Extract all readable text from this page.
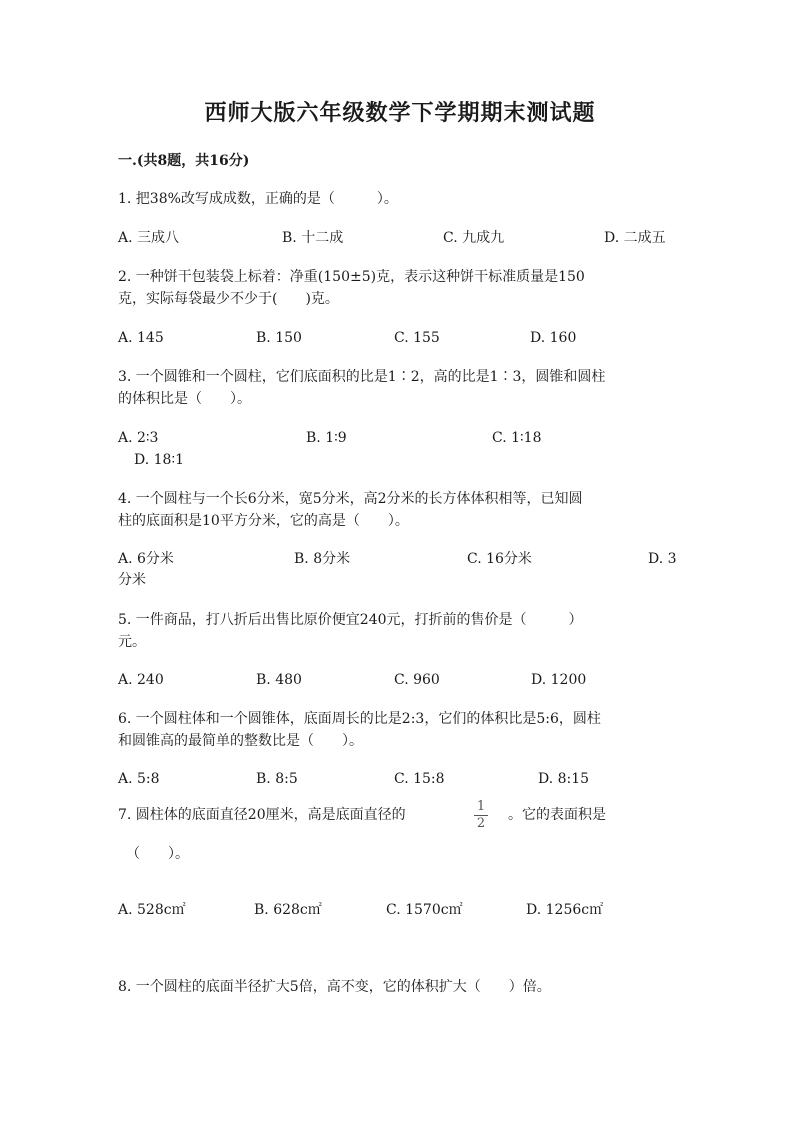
西师大版六年级数学下学期期末测试题
一.(共8题，共16分)
1. 把38%改写成成数，正确的是（　　　）。
A. 三成八	B. 十二成	C. 九成九	D. 二成五
2. 一种饼干包装袋上标着：净重(150±5)克，表示这种饼干标准质量是150
克，实际每袋最少不少于(　　)克。
A. 145	B. 150	C. 155	D. 160
3. 一个圆锥和一个圆柱，它们底面积的比是1∶2，高的比是1∶3，圆锥和圆柱
的体积比是（　　）。
A. 2∶3	B. 1∶9	C. 1∶18
D. 18∶1
4. 一个圆柱与一个长6分米，宽5分米，高2分米的长方体体积相等，已知圆
柱的底面积是10平方分米，它的高是（　　）。
A. 6分米	B. 8分米	C. 16分米	D. 3
分米
5. 一件商品，打八折后出售比原价便宜240元，打折前的售价是（　　　）
元。
A. 240	B. 480	C. 960	D. 1200
6. 一个圆柱体和一个圆锥体，底面周长的比是2:3，它们的体积比是5:6，圆柱
和圆锥高的最简单的整数比是（　　）。
A. 5:8	B. 8:5	C. 15:8	D. 8:15
7. 圆柱体的底面直径20厘米，高是底面直径的
1
2
。它的表面积是
（　　）。
A. 528c㎡	B. 628c㎡	C. 1570c㎡	D. 1256c㎡
8. 一个圆柱的底面半径扩大5倍，高不变，它的体积扩大（　　）倍。
